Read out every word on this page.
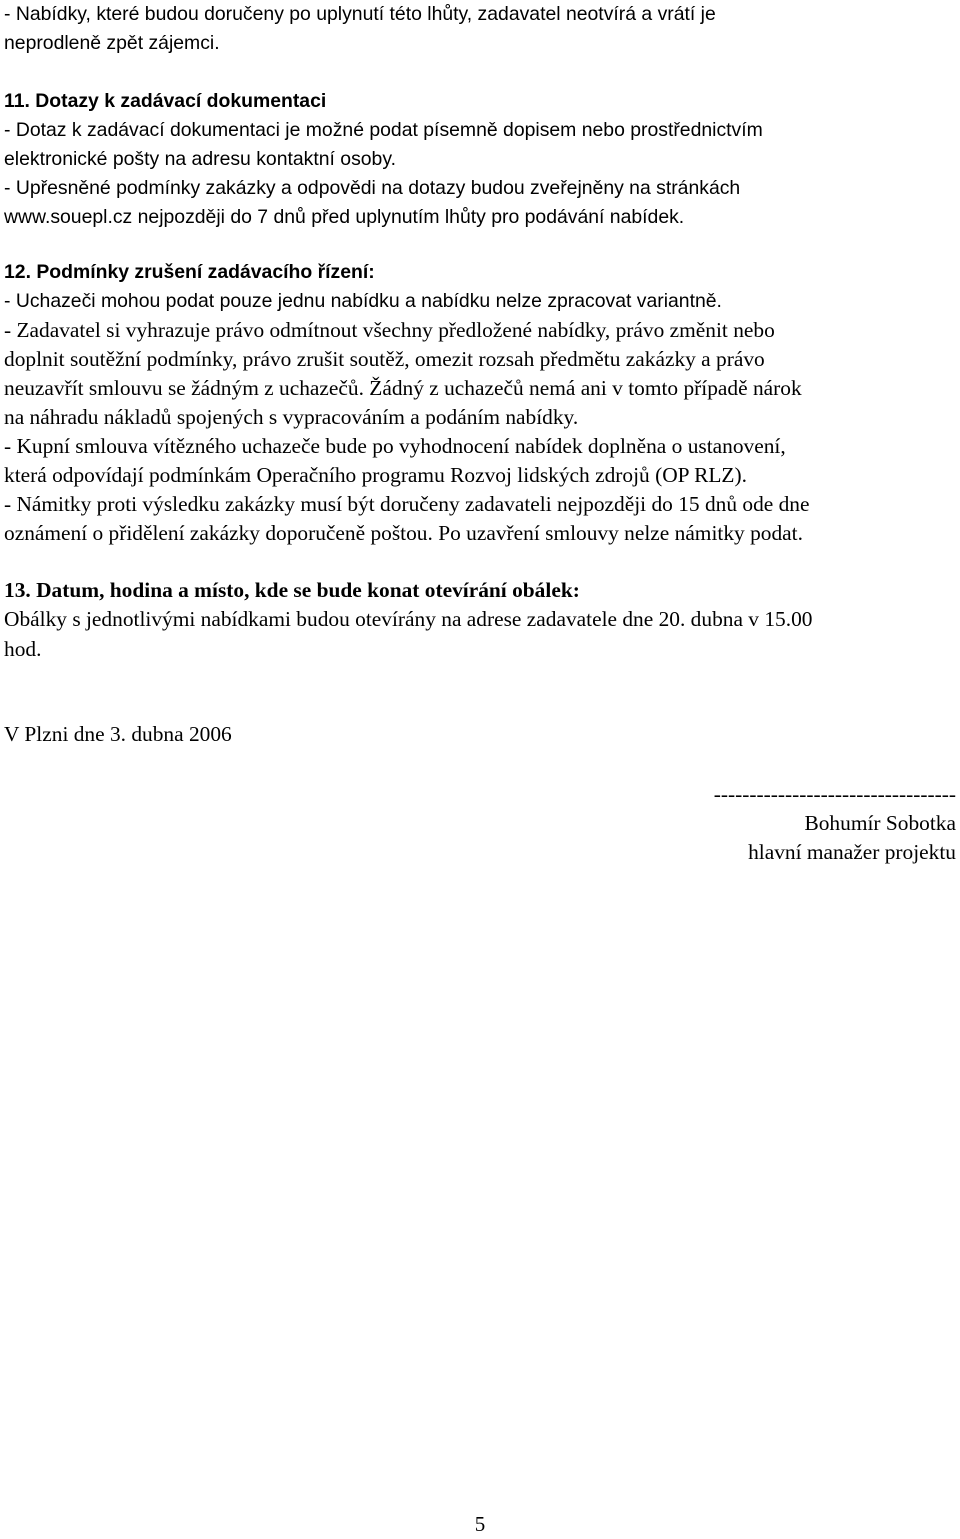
- Nabídky, které budou doručeny po uplynutí této lhůty, zadavatel neotvírá a vrátí je
neprodleně zpět zájemci.
11. Dotazy k zadávací dokumentaci
- Dotaz k zadávací dokumentaci je možné podat písemně dopisem nebo prostřednictvím
elektronické pošty na adresu kontaktní osoby.
- Upřesněné podmínky zakázky a odpovědi na dotazy budou zveřejněny na stránkách
www.souepl.cz nejpozději do 7 dnů před uplynutím lhůty pro podávání nabídek.
12. Podmínky zrušení zadávacího řízení:
- Uchazeči mohou podat pouze jednu nabídku a nabídku nelze zpracovat variantně.
- Zadavatel si vyhrazuje právo odmítnout všechny předložené nabídky, právo změnit nebo
doplnit soutěžní podmínky, právo zrušit soutěž, omezit rozsah předmětu zakázky a právo
neuzavřít smlouvu se žádným z uchazečů. Žádný z uchazečů nemá ani v tomto případě nárok
na náhradu nákladů spojených s vypracováním a podáním nabídky.
- Kupní smlouva vítězného uchazeče bude po vyhodnocení nabídek doplněna o ustanovení,
která odpovídají podmínkám Operačního programu Rozvoj lidských zdrojů (OP RLZ).
- Námitky proti výsledku zakázky musí být doručeny zadavateli nejpozději do 15 dnů ode dne
oznámení o přidělení zakázky doporučeně poštou. Po uzavření smlouvy nelze námitky podat.
13. Datum, hodina a místo, kde se bude konat otevírání obálek:
Obálky s jednotlivými nabídkami budou otevírány na adrese zadavatele dne 20. dubna v 15.00
hod.
V Plzni dne 3. dubna 2006
----------------------------------
Bohumír Sobotka
hlavní manažer projektu
5
